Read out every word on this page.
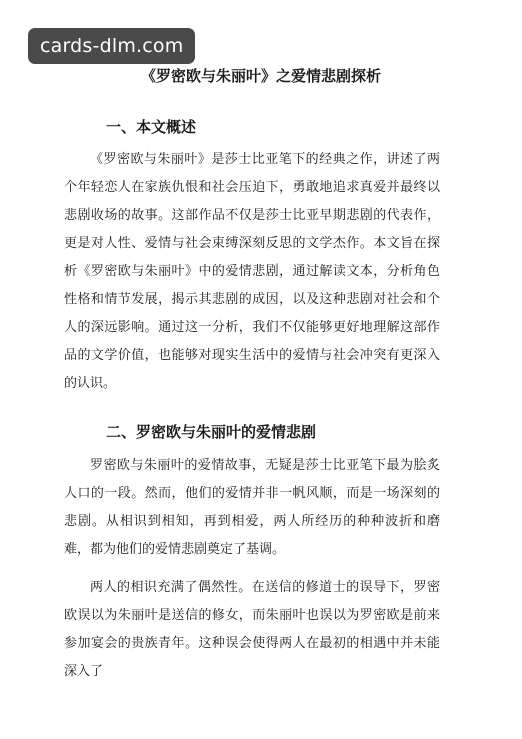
cards-dlm.com
《罗密欧与朱丽叶》之爱情悲剧探析
一、本文概述

《罗密欧与朱丽叶》是莎士比亚笔下的经典之作，讲述了两个年轻恋人在家族仇恨和社会压迫下，勇敢地追求真爱并最终以悲剧收场的故事。这部作品不仅是莎士比亚早期悲剧的代表作，更是对人性、爱情与社会束缚深刻反思的文学杰作。本文旨在探析《罗密欧与朱丽叶》中的爱情悲剧，通过解读文本，分析角色性格和情节发展，揭示其悲剧的成因，以及这种悲剧对社会和个人的深远影响。通过这一分析，我们不仅能够更好地理解这部作品的文学价值，也能够对现实生活中的爱情与社会冲突有更深入的认识。

二、罗密欧与朱丽叶的爱情悲剧

罗密欧与朱丽叶的爱情故事，无疑是莎士比亚笔下最为脍炙人口的一段。然而，他们的爱情并非一帆风顺，而是一场深刻的悲剧。从相识到相知，再到相爱，两人所经历的种种波折和磨难，都为他们的爱情悲剧奠定了基调。

两人的相识充满了偶然性。在送信的修道士的误导下，罗密欧误以为朱丽叶是送信的修女，而朱丽叶也误以为罗密欧是前来参加宴会的贵族青年。这种误会使得两人在最初的相遇中并未能深入了
